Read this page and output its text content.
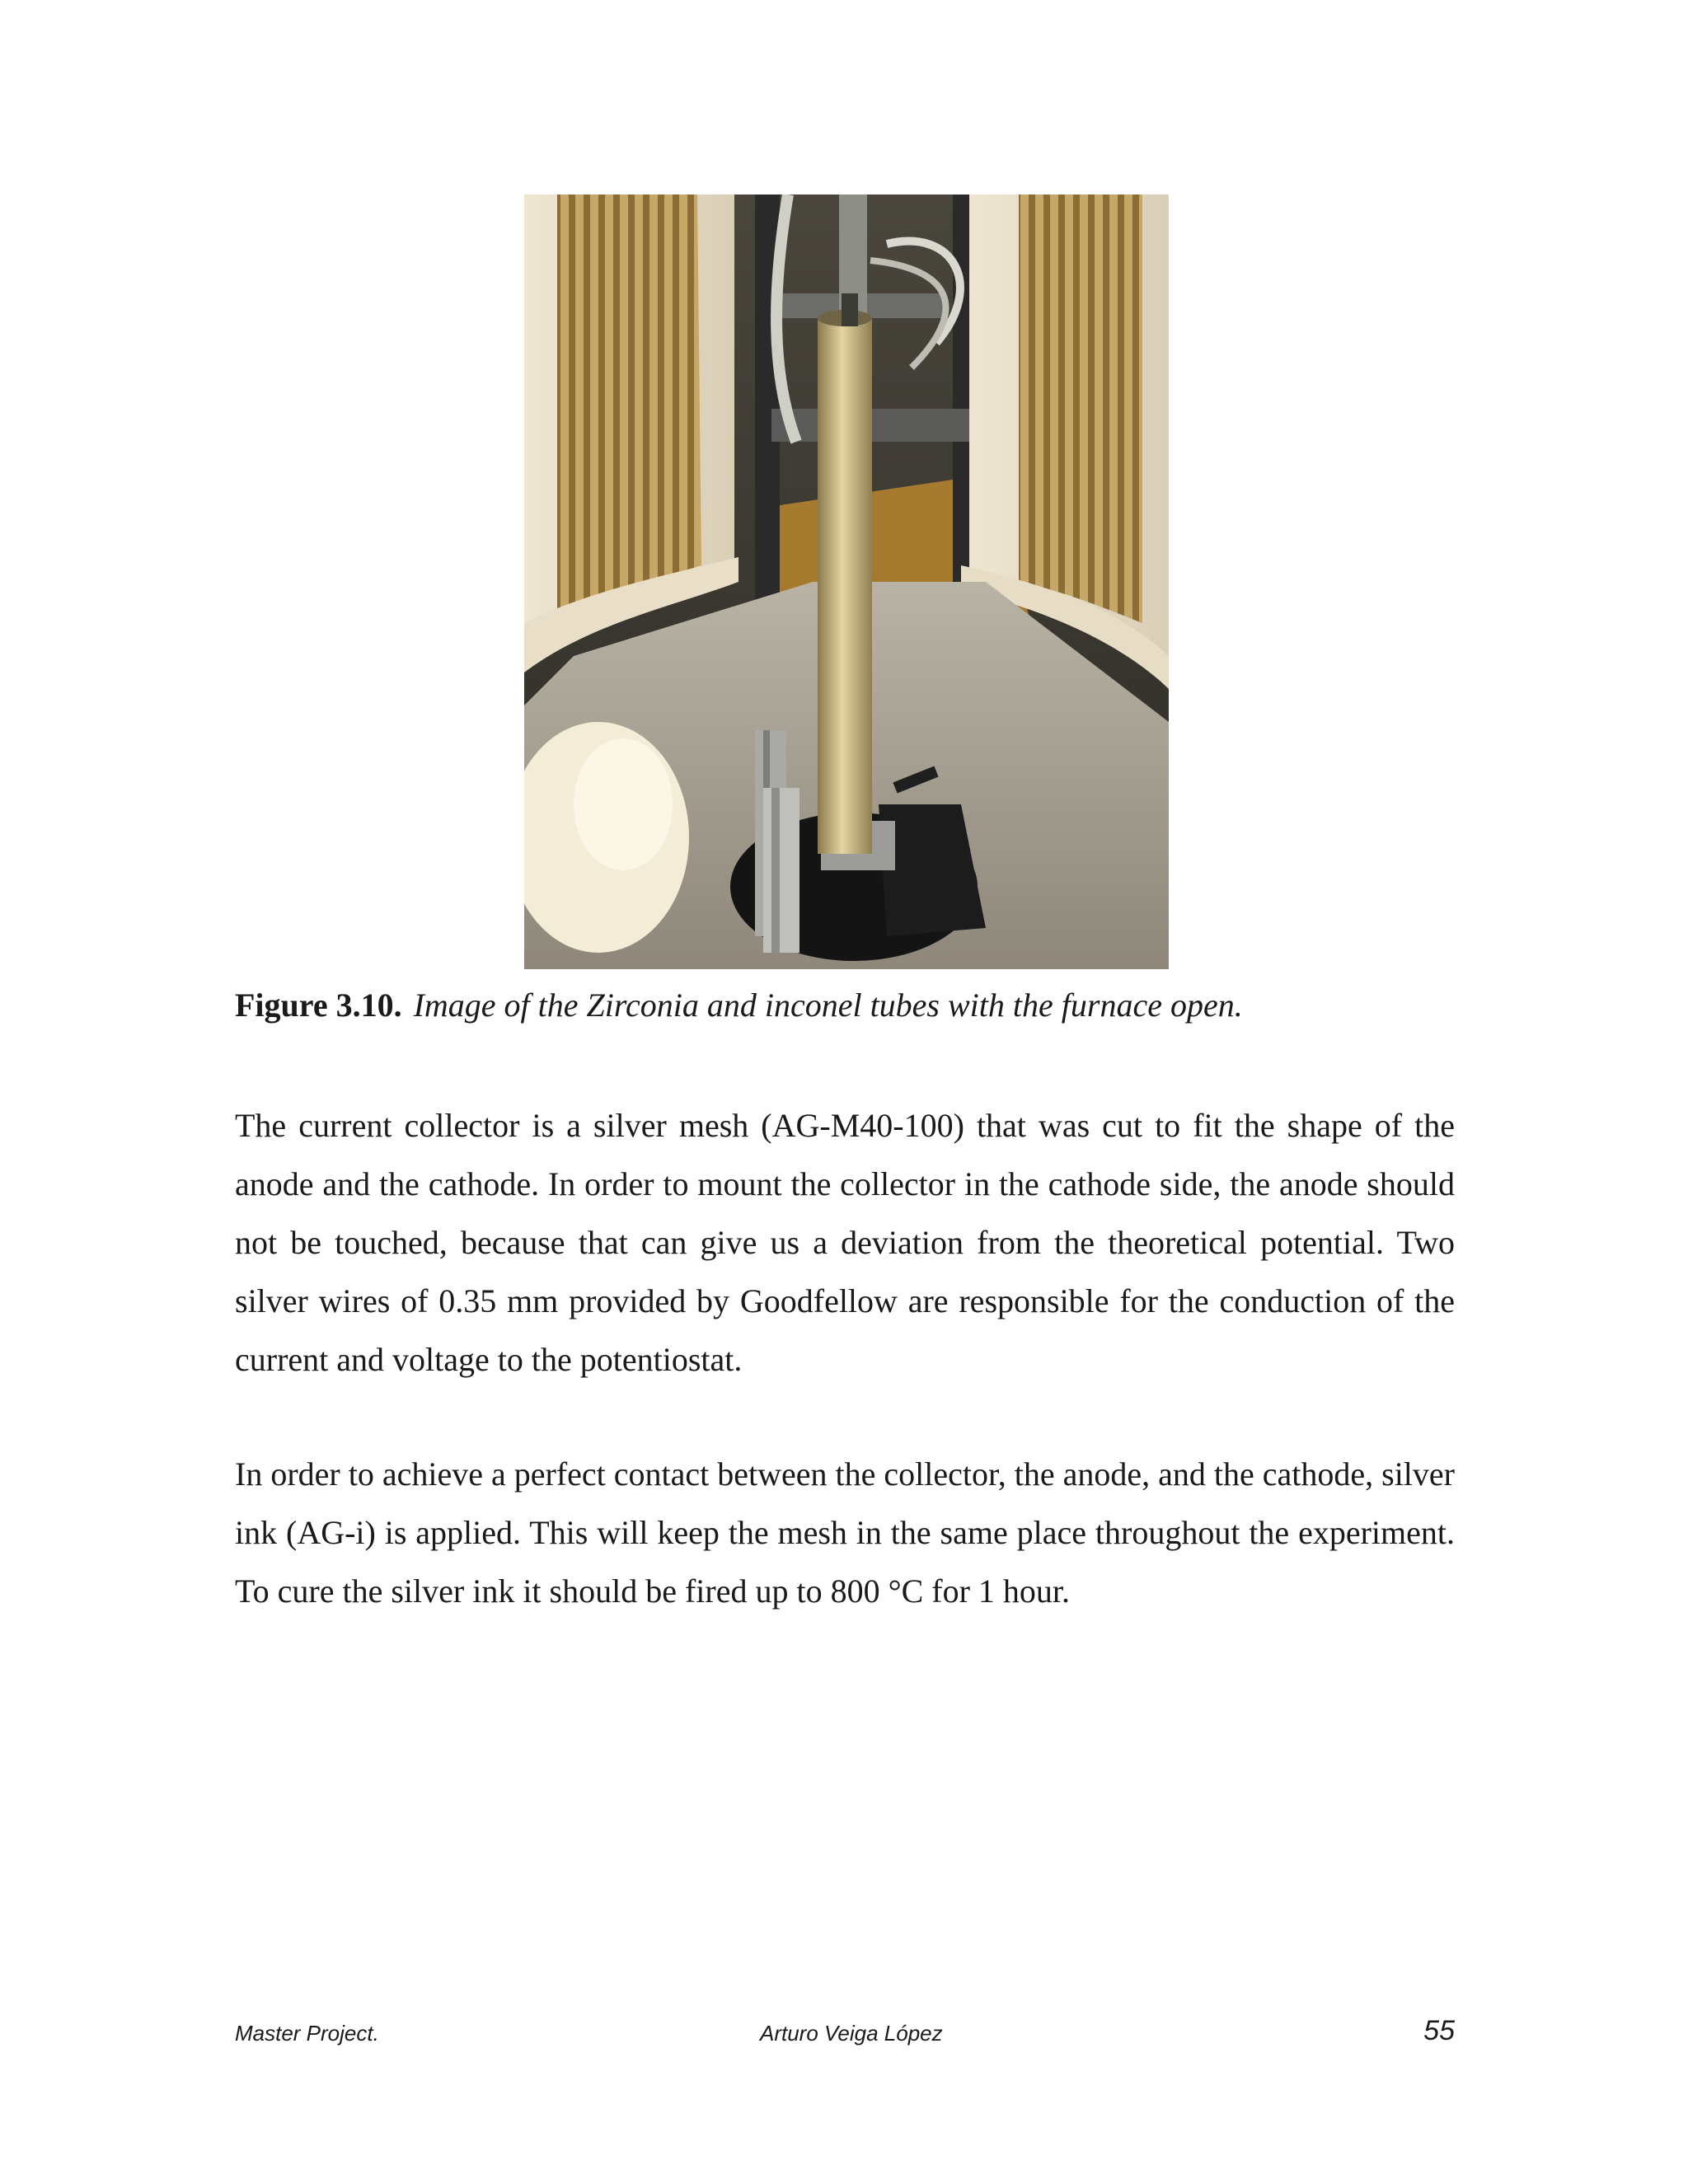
Figure 3.10. Image of the Zirconia and inconel tubes with the furnace open.

The current collector is a silver mesh (AG-M40-100) that was cut to fit the shape of the anode and the cathode. In order to mount the collector in the cathode side, the anode should not be touched, because that can give us a deviation from the theoretical potential. Two silver wires of 0.35 mm provided by Goodfellow are responsible for the conduction of the current and voltage to the potentiostat.

In order to achieve a perfect contact between the collector, the anode, and the cathode, silver ink (AG-i) is applied. This will keep the mesh in the same place throughout the experiment. To cure the silver ink it should be fired up to 800 °C for 1 hour.

Master Project.	Arturo Veiga López	55
